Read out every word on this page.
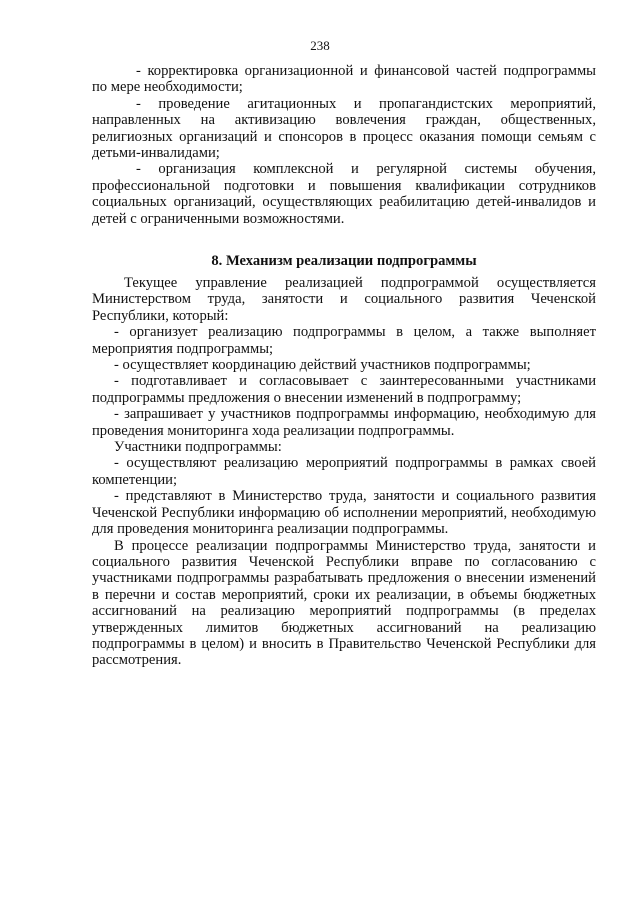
238

- корректировка организационной и финансовой частей подпрограммы по мере необходимости;

- проведение агитационных и пропагандистских мероприятий, направленных на активизацию вовлечения граждан, общественных, религиозных организаций и спонсоров в процесс оказания помощи семьям с детьми-инвалидами;

- организация комплексной и регулярной системы обучения, профессиональной подготовки и повышения квалификации сотрудников социальных организаций, осуществляющих реабилитацию детей-инвалидов и детей с ограниченными возможностями.

8. Механизм реализации подпрограммы

Текущее управление реализацией подпрограммой осуществляется Министерством труда, занятости и социального развития Чеченской Республики, который:

- организует реализацию подпрограммы в целом, а также выполняет мероприятия подпрограммы;

- осуществляет координацию действий участников подпрограммы;

- подготавливает и согласовывает с заинтересованными участниками подпрограммы предложения о внесении изменений в подпрограмму;

- запрашивает у участников подпрограммы информацию, необходимую для проведения мониторинга хода реализации подпрограммы.

Участники подпрограммы:

- осуществляют реализацию мероприятий подпрограммы в рамках своей компетенции;

- представляют в Министерство труда, занятости и социального развития Чеченской Республики информацию об исполнении мероприятий, необходимую для проведения мониторинга реализации подпрограммы.

В процессе реализации подпрограммы Министерство труда, занятости и социального развития Чеченской Республики вправе по согласованию с участниками подпрограммы разрабатывать предложения о внесении изменений в перечни и состав мероприятий, сроки их реализации, в объемы бюджетных ассигнований на реализацию мероприятий подпрограммы (в пределах утвержденных лимитов бюджетных ассигнований на реализацию подпрограммы в целом) и вносить в Правительство Чеченской Республики для рассмотрения.
